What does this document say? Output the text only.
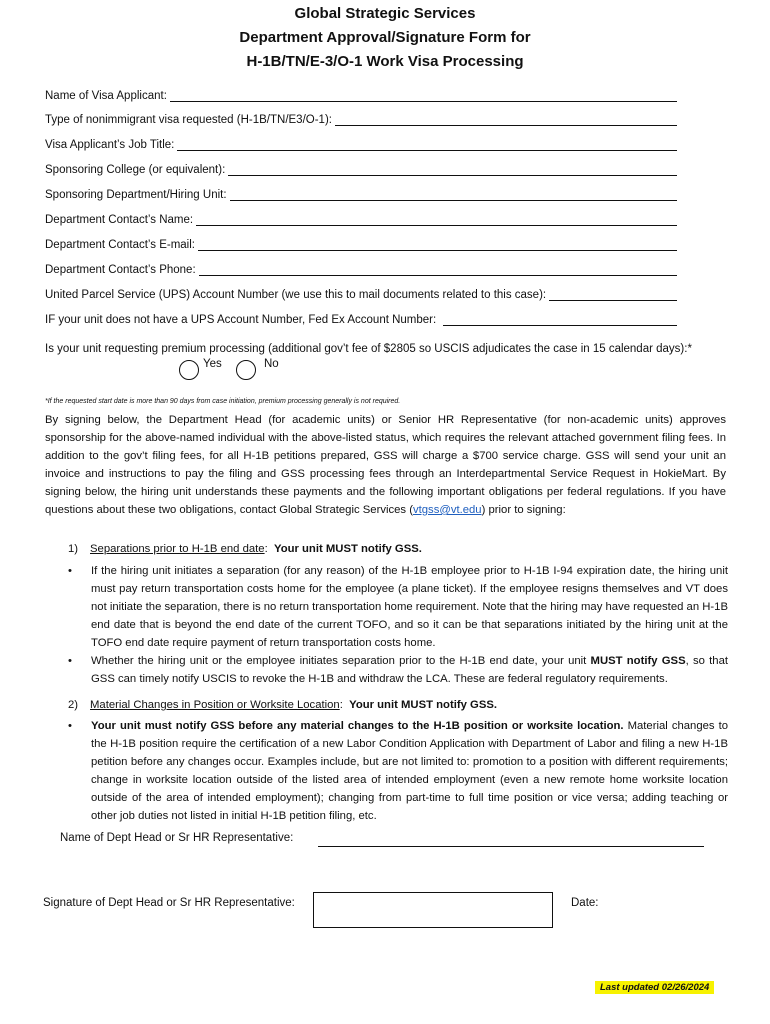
Global Strategic Services
Department Approval/Signature Form for
H-1B/TN/E-3/O-1 Work Visa Processing
Name of Visa Applicant:
Type of nonimmigrant visa requested (H-1B/TN/E3/O-1):
Visa Applicant’s Job Title:
Sponsoring College (or equivalent):
Sponsoring Department/Hiring Unit:
Department Contact’s Name:
Department Contact’s E-mail:
Department Contact’s Phone:
United Parcel Service (UPS) Account Number (we use this to mail documents related to this case):
IF your unit does not have a UPS Account Number, Fed Ex Account Number:
Is your unit requesting premium processing (additional gov’t fee of $2805 so USCIS adjudicates the case in 15 calendar days):*
Yes	No
*If the requested start date is more than 90 days from case initiation, premium processing generally is not required.
By signing below, the Department Head (for academic units) or Senior HR Representative (for non-academic units) approves sponsorship for the above-named individual with the above-listed status, which requires the relevant attached government filing fees. In addition to the gov’t filing fees, for all H-1B petitions prepared, GSS will charge a $700 service charge. GSS will send your unit an invoice and instructions to pay the filing and GSS processing fees through an Interdepartmental Service Request in HokieMart. By signing below, the hiring unit understands these payments and the following important obligations per federal regulations. If you have questions about these two obligations, contact Global Strategic Services (vtgss@vt.edu) prior to signing:
1) Separations prior to H-1B end date: Your unit MUST notify GSS.
• If the hiring unit initiates a separation (for any reason) of the H-1B employee prior to H-1B I-94 expiration date, the hiring unit must pay return transportation costs home for the employee (a plane ticket). If the employee resigns themselves and VT does not initiate the separation, there is no return transportation home requirement. Note that the hiring may have requested an H-1B end date that is beyond the end date of the current TOFO, and so it can be that separations initiated by the hiring unit at the TOFO end date require payment of return transportation costs home.
• Whether the hiring unit or the employee initiates separation prior to the H-1B end date, your unit MUST notify GSS, so that GSS can timely notify USCIS to revoke the H-1B and withdraw the LCA. These are federal regulatory requirements.
2) Material Changes in Position or Worksite Location: Your unit MUST notify GSS.
• Your unit must notify GSS before any material changes to the H-1B position or worksite location. Material changes to the H-1B position require the certification of a new Labor Condition Application with Department of Labor and filing a new H-1B petition before any changes occur. Examples include, but are not limited to: promotion to a position with different requirements; change in worksite location outside of the listed area of intended employment (even a new remote home worksite location outside of the area of intended employment); changing from part-time to full time position or vice versa; adding teaching or other job duties not listed in initial H-1B petition filing, etc.
Name of Dept Head or Sr HR Representative:
Signature of Dept Head or Sr HR Representative:	Date:
Last updated 02/26/2024
